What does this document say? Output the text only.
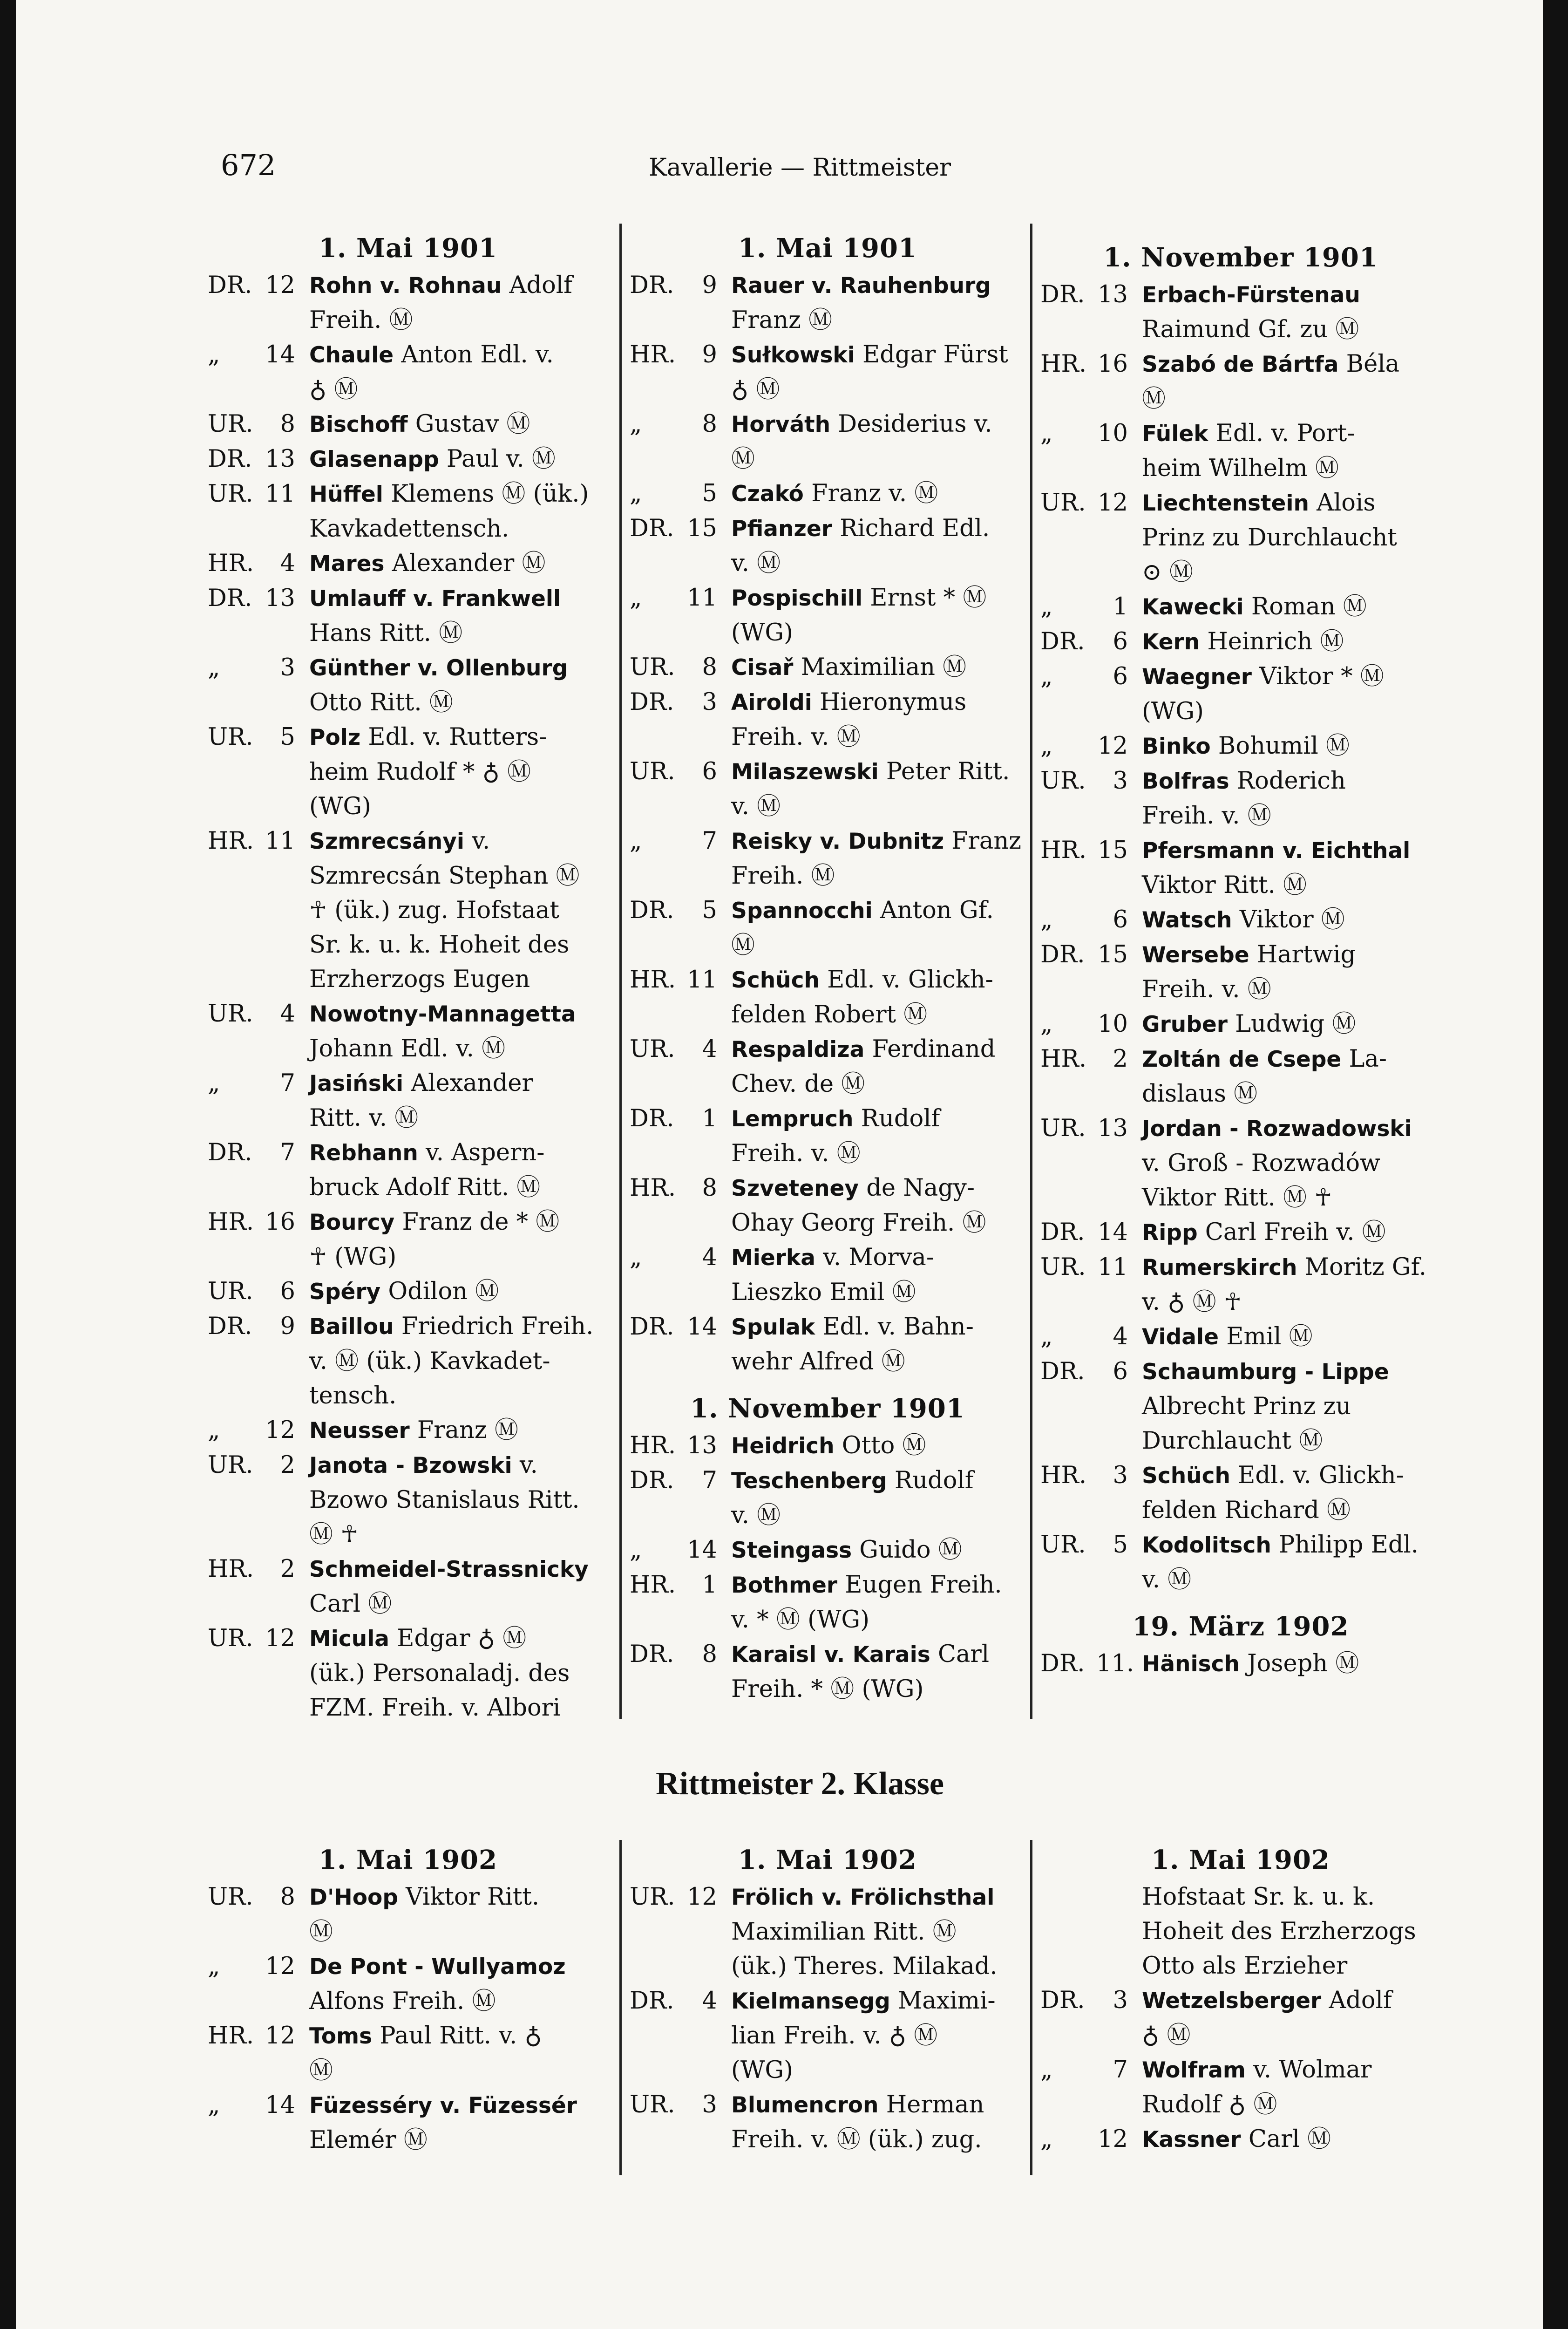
672	Kavallerie — Rittmeister
Rittmeister 2. Klasse
1. Mai 1901
DR. 12 Rohn v. Rohnau Adolf
Freih. Ⓜ
„	14 Chaule Anton Edl. v.
♁ Ⓜ
UR.	8 Bischoff Gustav Ⓜ
DR. 13 Glasenapp Paul v. Ⓜ
UR. 11 Hüffel Klemens Ⓜ (ük.)
Kavkadettensch.
HR.	4 Mares Alexander Ⓜ
DR. 13 Umlauff v. Frankwell
Hans Ritt. Ⓜ
„	3 Günther v. Ollenburg
Otto Ritt. Ⓜ
UR.	5 Polz Edl. v. Rutters-
heim Rudolf * ♁ Ⓜ
(WG)
HR. 11 Szmrecsányi v.
Szmrecsán Stephan Ⓜ
☥ (ük.) zug. Hofstaat
Sr. k. u. k. Hoheit des
Erzherzogs Eugen
UR.	4 Nowotny-Mannagetta
Johann Edl. v. Ⓜ
„	7 Jasiński Alexander
Ritt. v. Ⓜ
DR.	7 Rebhann v. Aspern-
bruck Adolf Ritt. Ⓜ
HR. 16 Bourcy Franz de * Ⓜ
☥ (WG)
UR.	6 Spéry Odilon Ⓜ
DR.	9 Baillou Friedrich Freih.
v. Ⓜ (ük.) Kavkadet-
tensch.
„	12 Neusser Franz Ⓜ
UR.	2 Janota - Bzowski v.
Bzowo Stanislaus Ritt.
Ⓜ ☥
HR.	2 Schmeidel-Strassnicky
Carl Ⓜ
UR. 12 Micula Edgar ♁ Ⓜ
(ük.) Personaladj. des
FZM. Freih. v. Albori
1. Mai 1901
DR.	9 Rauer v. Rauhenburg
Franz Ⓜ
HR.	9 Sułkowski Edgar Fürst
♁ Ⓜ
„	8 Horváth Desiderius v.
Ⓜ
„	5 Czakó Franz v. Ⓜ
DR. 15 Pfianzer Richard Edl.
v. Ⓜ
„	11 Pospischill Ernst * Ⓜ
(WG)
UR.	8 Cisař Maximilian Ⓜ
DR.	3 Airoldi Hieronymus
Freih. v. Ⓜ
UR.	6 Milaszewski Peter Ritt.
v. Ⓜ
„	7 Reisky v. Dubnitz Franz
Freih. Ⓜ
DR.	5 Spannocchi Anton Gf.
Ⓜ
HR. 11 Schüch Edl. v. Glickh-
felden Robert Ⓜ
UR.	4 Respaldiza Ferdinand
Chev. de Ⓜ
DR.	1 Lempruch Rudolf
Freih. v. Ⓜ
HR.	8 Szveteney de Nagy-
Ohay Georg Freih. Ⓜ
„	4 Mierka v. Morva-
Lieszko Emil Ⓜ
DR. 14 Spulak Edl. v. Bahn-
wehr Alfred Ⓜ
1. November 1901
HR. 13 Heidrich Otto Ⓜ
DR.	7 Teschenberg Rudolf
v. Ⓜ
„	14 Steingass Guido Ⓜ
HR.	1 Bothmer Eugen Freih.
v. * Ⓜ (WG)
DR.	8 Karaisl v. Karais Carl
Freih. * Ⓜ (WG)
1. November 1901
DR. 13 Erbach-Fürstenau
Raimund Gf. zu Ⓜ
HR. 16 Szabó de Bártfa Béla
Ⓜ
„	10 Fülek Edl. v. Port-
heim Wilhelm Ⓜ
UR. 12 Liechtenstein Alois
Prinz zu Durchlaucht
⊙ Ⓜ
„	1 Kawecki Roman Ⓜ
DR.	6 Kern Heinrich Ⓜ
„	6 Waegner Viktor * Ⓜ
(WG)
„	12 Binko Bohumil Ⓜ
UR.	3 Bolfras Roderich
Freih. v. Ⓜ
HR. 15 Pfersmann v. Eichthal
Viktor Ritt. Ⓜ
„	6 Watsch Viktor Ⓜ
DR. 15 Wersebe Hartwig
Freih. v. Ⓜ
„	10 Gruber Ludwig Ⓜ
HR.	2 Zoltán de Csepe La-
dislaus Ⓜ
UR. 13 Jordan - Rozwadowski
v. Groß - Rozwadów
Viktor Ritt. Ⓜ ☥
DR. 14 Ripp Carl Freih v. Ⓜ
UR. 11 Rumerskirch Moritz Gf.
v. ♁ Ⓜ ☥
„	4 Vidale Emil Ⓜ
DR.	6 Schaumburg - Lippe
Albrecht Prinz zu
Durchlaucht Ⓜ
HR.	3 Schüch Edl. v. Glickh-
felden Richard Ⓜ
UR.	5 Kodolitsch Philipp Edl.
v. Ⓜ
19. März 1902
DR. 11. Hänisch Joseph Ⓜ
1. Mai 1902
UR.	8 D'Hoop Viktor Ritt.
Ⓜ
„	12 De Pont - Wullyamoz
Alfons Freih. Ⓜ
HR. 12 Toms Paul Ritt. v. ♁
Ⓜ
„	14 Füzesséry v. Füzessér
Elemér Ⓜ
1. Mai 1902
UR. 12 Frölich v. Frölichsthal
Maximilian Ritt. Ⓜ
(ük.) Theres. Milakad.
DR.	4 Kielmansegg Maximi-
lian Freih. v. ♁ Ⓜ
(WG)
UR.	3 Blumencron Herman
Freih. v. Ⓜ (ük.) zug.
1. Mai 1902
Hofstaat Sr. k. u. k.
Hoheit des Erzherzogs
Otto als Erzieher
DR.	3 Wetzelsberger Adolf
♁ Ⓜ
„	7 Wolfram v. Wolmar
Rudolf ♁ Ⓜ
„	12 Kassner Carl Ⓜ
